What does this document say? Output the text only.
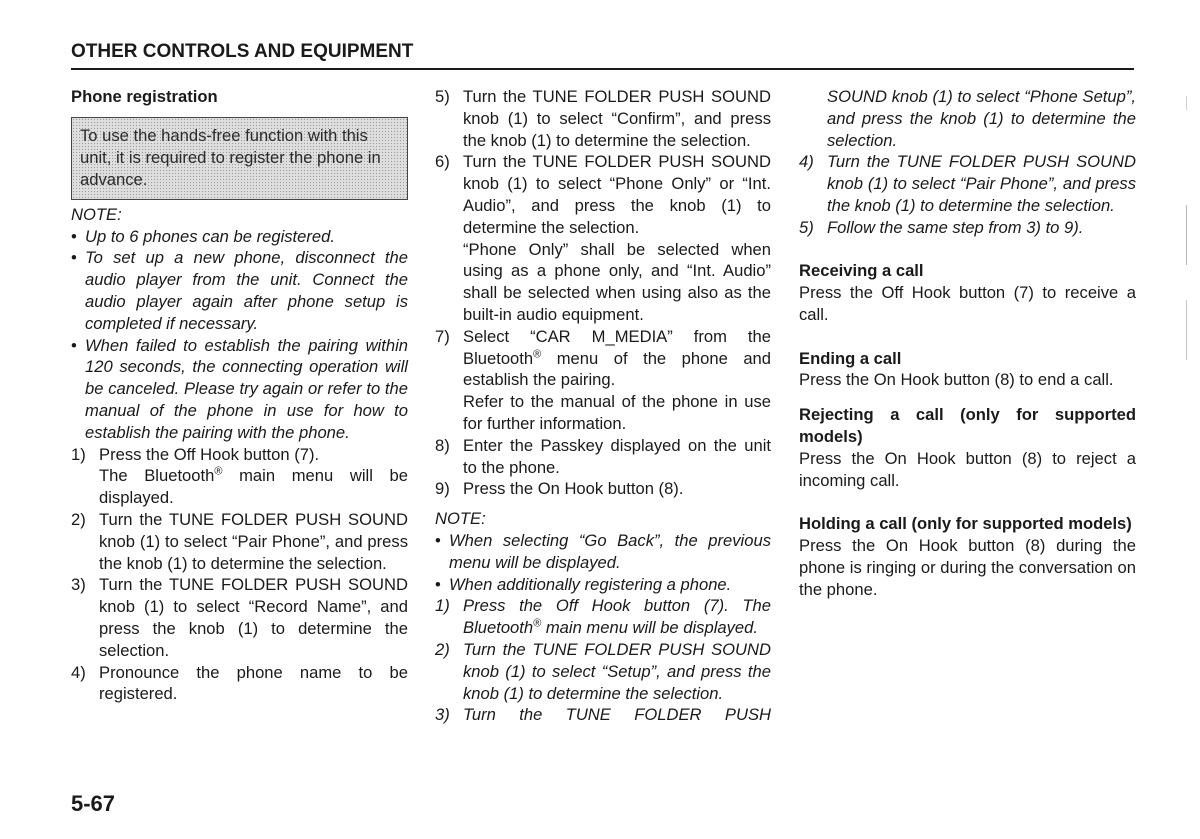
OTHER CONTROLS AND EQUIPMENT

Phone registration

To use the hands-free function with this unit, it is required to register the phone in advance.

NOTE:

• Up to 6 phones can be registered.
• To set up a new phone, disconnect the audio player from the unit. Connect the audio player again after phone setup is completed if necessary.
• When failed to establish the pairing within 120 seconds, the connecting operation will be canceled. Please try again or refer to the manual of the phone in use for how to establish the pairing with the phone.
1) Press the Off Hook button (7).
The Bluetooth® main menu will be displayed.
2) Turn the TUNE FOLDER PUSH SOUND knob (1) to select “Pair Phone”, and press the knob (1) to determine the selection.
3) Turn the TUNE FOLDER PUSH SOUND knob (1) to select “Record Name”, and press the knob (1) to determine the selection.
4) Pronounce the phone name to be registered.
5) Turn the TUNE FOLDER PUSH SOUND knob (1) to select “Confirm”, and press the knob (1) to determine the selection.
6) Turn the TUNE FOLDER PUSH SOUND knob (1) to select “Phone Only” or “Int. Audio”, and press the knob (1) to determine the selection.
“Phone Only” shall be selected when using as a phone only, and “Int. Audio” shall be selected when using also as the built-in audio equipment.
7) Select “CAR M_MEDIA” from the Bluetooth® menu of the phone and establish the pairing.
Refer to the manual of the phone in use for further information.
8) Enter the Passkey displayed on the unit to the phone.
9) Press the On Hook button (8).

NOTE:

• When selecting “Go Back”, the previous menu will be displayed.
• When additionally registering a phone.
1) Press the Off Hook button (7). The Bluetooth® main menu will be displayed.
2) Turn the TUNE FOLDER PUSH SOUND knob (1) to select “Setup”, and press the knob (1) to determine the selection.
3) Turn the TUNE FOLDER PUSH

SOUND knob (1) to select “Phone Setup”, and press the knob (1) to determine the selection.

4) Turn the TUNE FOLDER PUSH SOUND knob (1) to select “Pair Phone”, and press the knob (1) to determine the selection.
5) Follow the same step from 3) to 9).

Receiving a call

Press the Off Hook button (7) to receive a call.

Ending a call

Press the On Hook button (8) to end a call.

Rejecting a call (only for supported models)

Press the On Hook button (8) to reject a incoming call.

Holding a call (only for supported models)

Press the On Hook button (8) during the phone is ringing or during the conversation on the phone.

5-67
